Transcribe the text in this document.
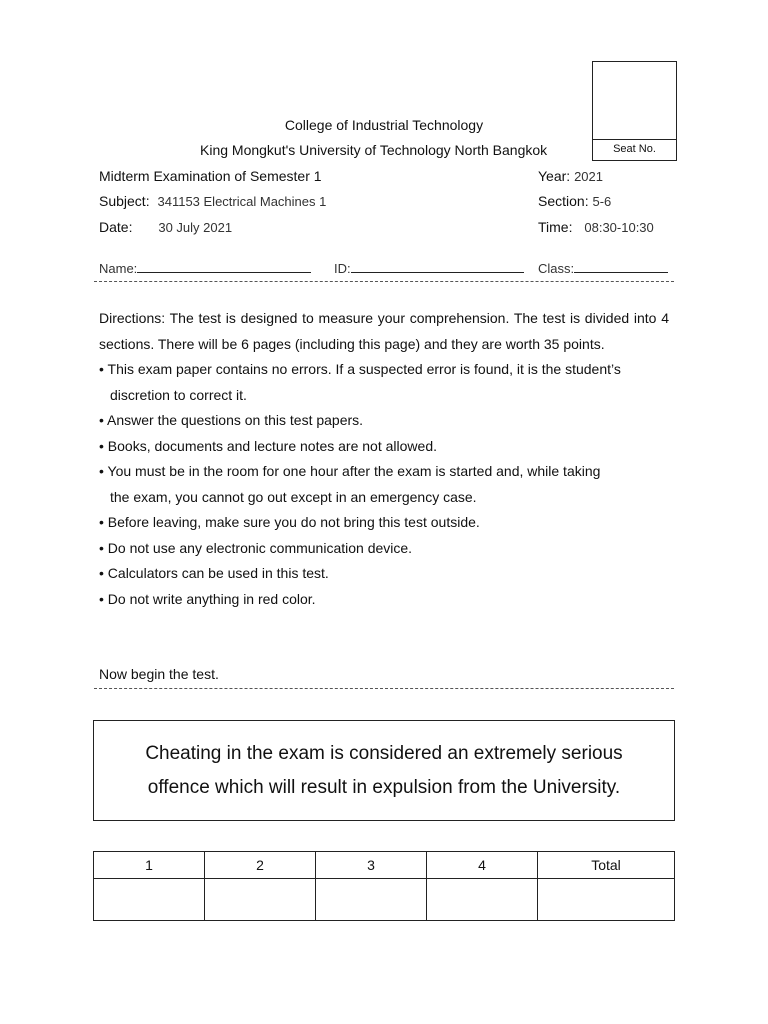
Seat No.
College of Industrial Technology
King Mongkut's University of Technology North Bangkok
Midterm Examination of Semester 1	Year: 2021
Subject: 341153 Electrical Machines 1	Section: 5-6
Date: 30 July 2021	Time: 08:30-10:30
Name:	ID:	Class:

Directions: The test is designed to measure your comprehension. The test is divided into 4 sections. There will be 6 pages (including this page) and they are worth 35 points.

• This exam paper contains no errors. If a suspected error is found, it is the student’s
discretion to correct it.

• Answer the questions on this test papers.

• Books, documents and lecture notes are not allowed.

• You must be in the room for one hour after the exam is started and, while taking
the exam, you cannot go out except in an emergency case.

• Before leaving, make sure you do not bring this test outside.

• Do not use any electronic communication device.

• Calculators can be used in this test.

• Do not write anything in red color.

Now begin the test.
Cheating in the exam is considered an extremely serious
offence which will result in expulsion from the University.
1	2	3	4	Total
